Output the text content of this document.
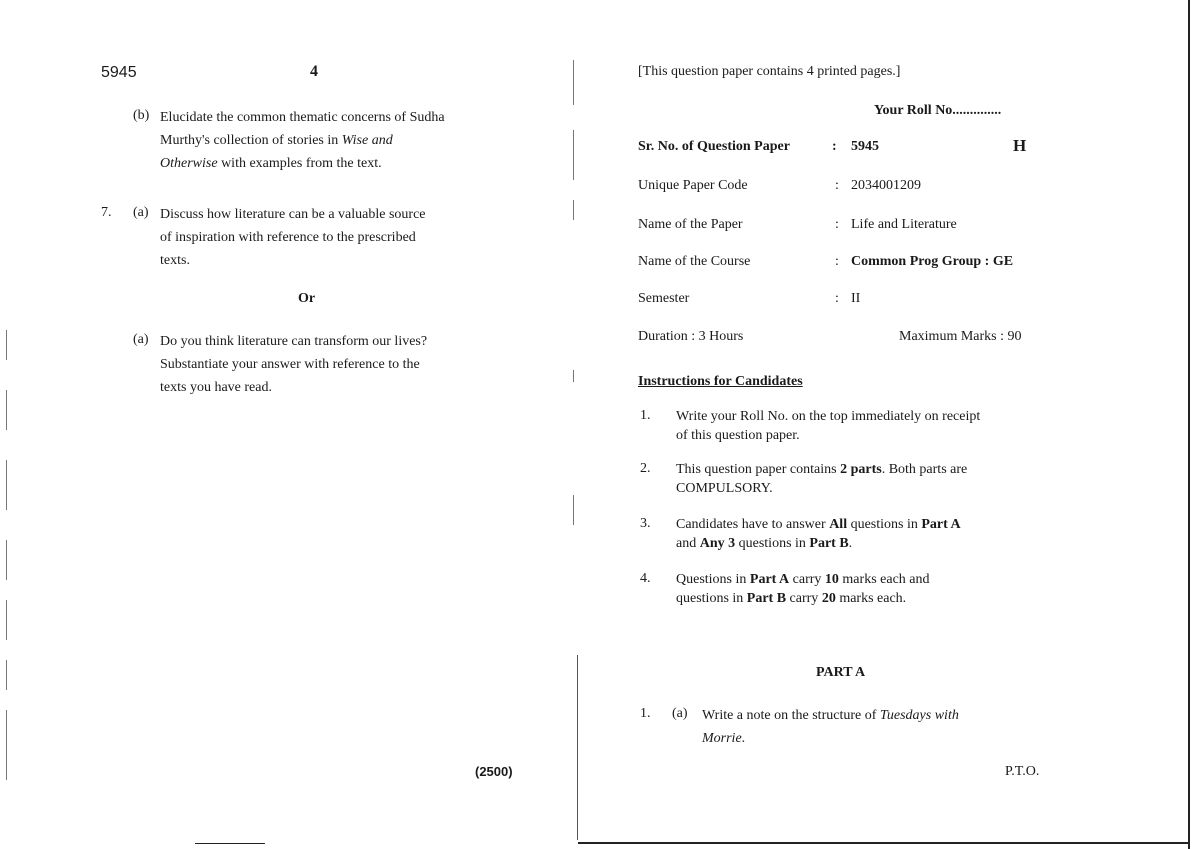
5945	4
(b) Elucidate the common thematic concerns of Sudha
Murthy's collection of stories in Wise and
Otherwise with examples from the text.
7. (a) Discuss how literature can be a valuable source
of inspiration with reference to the prescribed
texts.
Or
(a) Do you think literature can transform our lives?
Substantiate your answer with reference to the
texts you have read.
(2500)
[This question paper contains 4 printed pages.]
Your Roll No..............
Sr. No. of Question Paper	: 5945	H
Unique Paper Code	: 2034001209
Name of the Paper	: Life and Literature
Name of the Course	: Common Prog Group : GE
Semester	: II
Duration : 3 Hours	Maximum Marks : 90
Instructions for Candidates
1. Write your Roll No. on the top immediately on receipt
of this question paper.
2. This question paper contains 2 parts. Both parts are
COMPULSORY.
3. Candidates have to answer All questions in Part A
and Any 3 questions in Part B.
4. Questions in Part A carry 10 marks each and
questions in Part B carry 20 marks each.
PART A
1. (a) Write a note on the structure of Tuesdays with
Morrie.
P.T.O.
